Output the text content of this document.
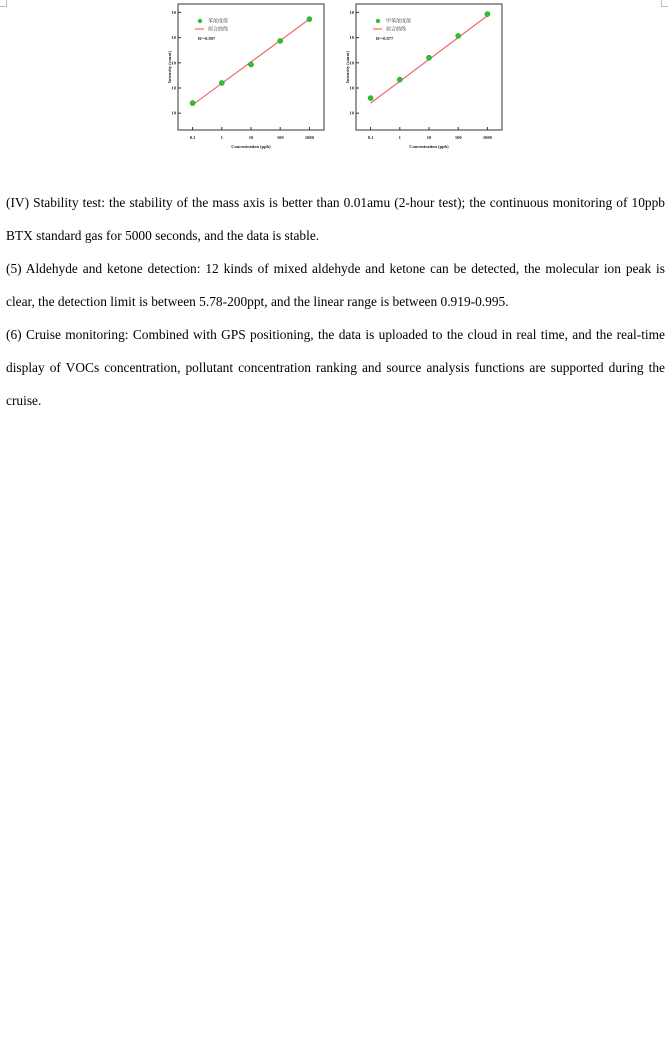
0.1	1	10	100	1000
10
10
10
10
10
Concentration (ppb)
Intensity (count)
苯浓度值
拟合曲线
R²=0.997
0.1	1	10	100	1000
10
10
10
10
10
Concentration (ppb)
Intensity (count)
甲苯浓度值
拟合曲线
R²=0.977

(IV) Stability test: the stability of the mass axis is better than 0.01amu (2-hour test); the continuous monitoring of 10ppb BTX standard gas for 5000 seconds, and the data is stable.

(5) Aldehyde and ketone detection: 12 kinds of mixed aldehyde and ketone can be detected, the molecular ion peak is clear, the detection limit is between 5.78-200ppt, and the linear range is between 0.919-0.995.

(6) Cruise monitoring: Combined with GPS positioning, the data is uploaded to the cloud in real time, and the real-time display of VOCs concentration, pollutant concentration ranking and source analysis functions are supported during the cruise.
